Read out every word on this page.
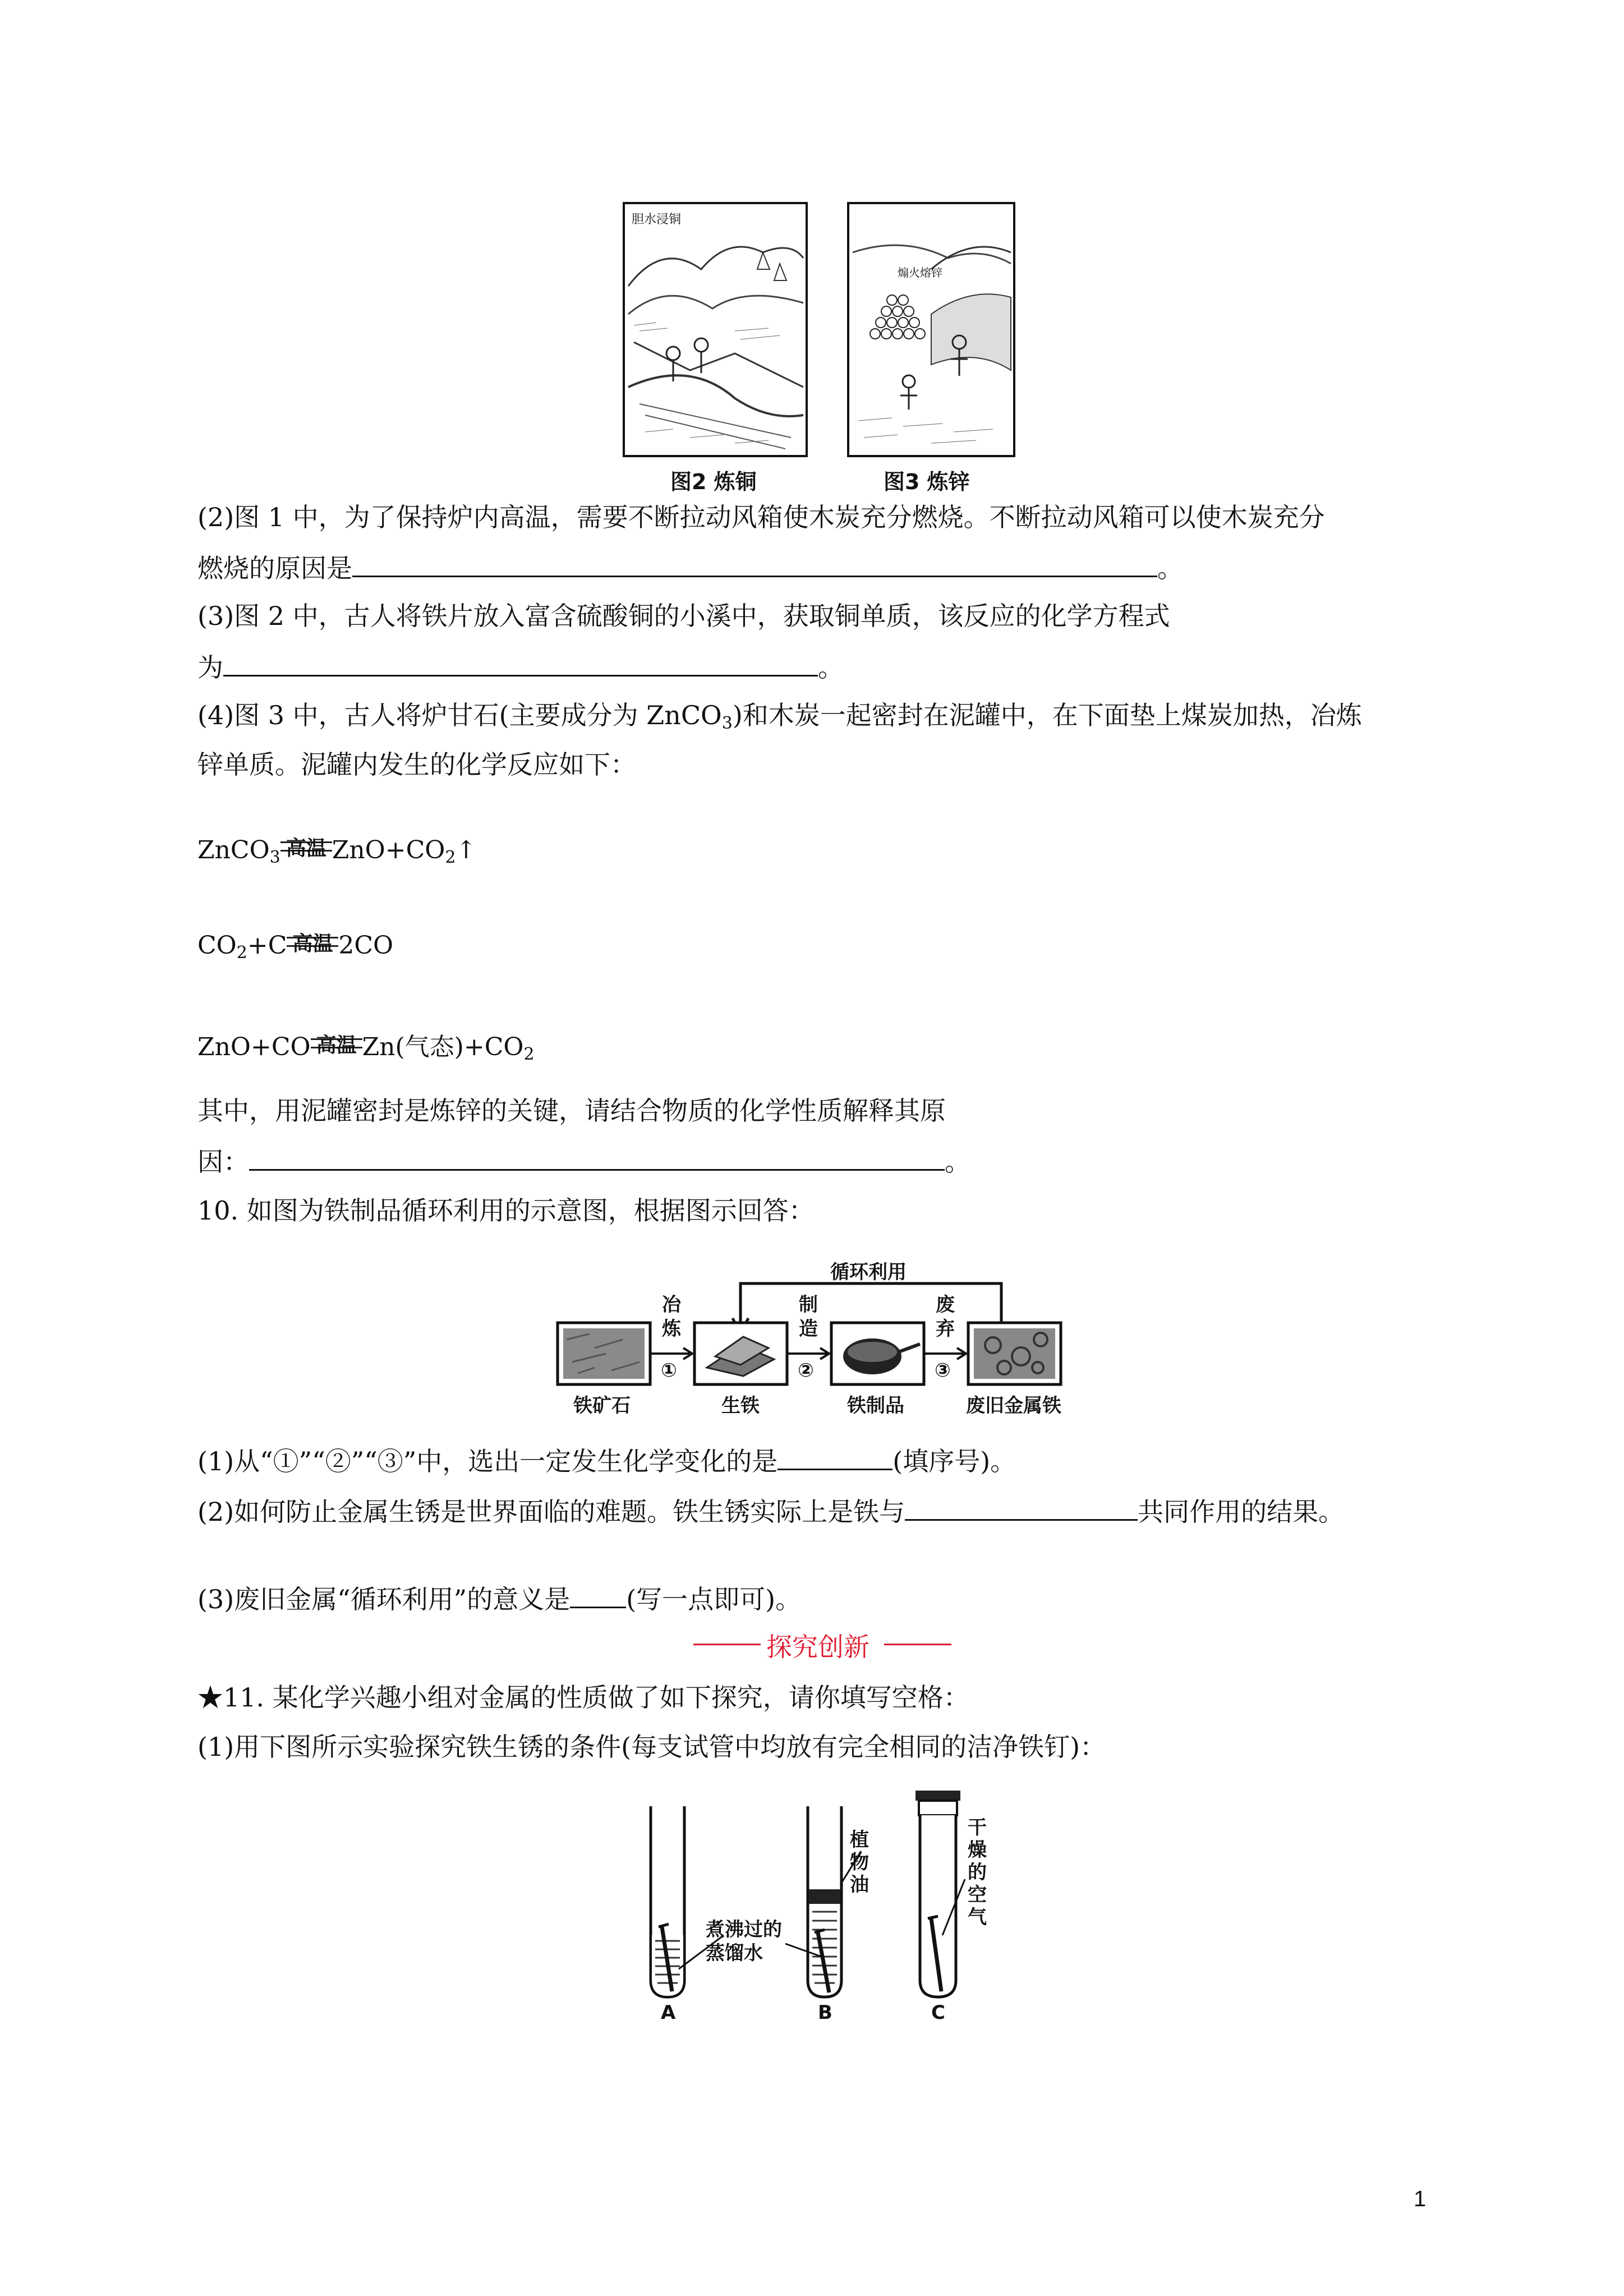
胆水浸铜
煽火熔锌
图2 炼铜	图3 炼锌
(2)图 1 中，为了保持炉内高温，需要不断拉动风箱使木炭充分燃烧。不断拉动风箱可以使木炭充分
燃烧的原因是	。
(3)图 2 中，古人将铁片放入富含硫酸铜的小溪中，获取铜单质，该反应的化学方程式
为	。
(4)图 3 中，古人将炉甘石(主要成分为 ZnCO$_3$)和木炭一起密封在泥罐中，在下面垫上煤炭加热，冶炼
锌单质。泥罐内发生的化学反应如下：
ZnCO$_3$ 高温 $ZnO+CO_2↑$
$CO_2+C$ 高温 2CO
ZnO+CO 高温 Zn(气态)$+CO_2$
其中，用泥罐密封是炼锌的关键，请结合物质的化学性质解释其原
因：	。
10. 如图为铁制品循环利用的示意图，根据图示回答：
循环利用
冶
炼
①
制
造
②
废
弃
③
铁矿石	生铁	铁制品	废旧金属铁
(1)从“①”“②”“③”中，选出一定发生化学变化的是	(填序号)。
(2)如何防止金属生锈是世界面临的难题。铁生锈实际上是铁与	共同作用的结果。
(3)废旧金属“循环利用”的意义是 (写一点即可)。
探究创新
★11. 某化学兴趣小组对金属的性质做了如下探究，请你填写空格：
(1)用下图所示实验探究铁生锈的条件(每支试管中均放有完全相同的洁净铁钉)：
煮沸过的
蒸馏水
植
物
油
干
燥
的
空
气
A	B	C
1
